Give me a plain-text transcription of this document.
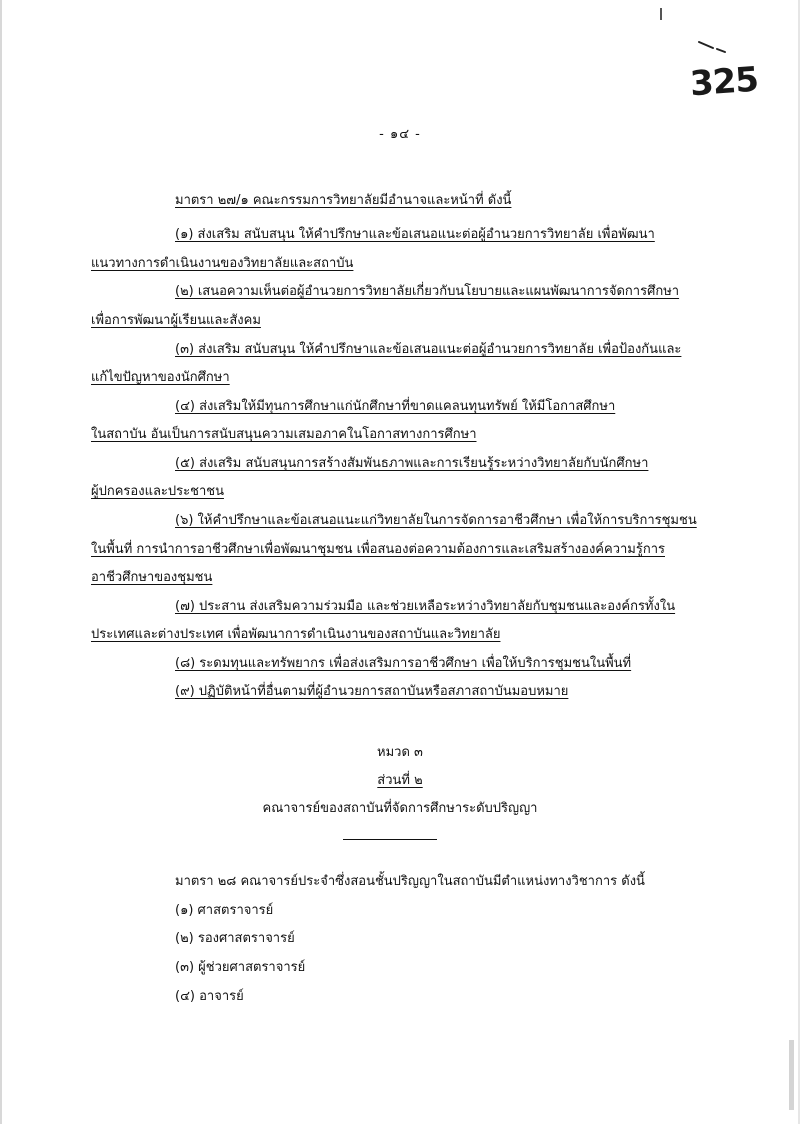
325
- ๑๔ -
มาตรา ๒๗/๑ คณะกรรมการวิทยาลัยมีอำนาจและหน้าที่ ดังนี้
(๑) ส่งเสริม สนับสนุน ให้คำปรึกษาและข้อเสนอแนะต่อผู้อำนวยการวิทยาลัย เพื่อพัฒนา
แนวทางการดำเนินงานของวิทยาลัยและสถาบัน
(๒) เสนอความเห็นต่อผู้อำนวยการวิทยาลัยเกี่ยวกับนโยบายและแผนพัฒนาการจัดการศึกษา
เพื่อการพัฒนาผู้เรียนและสังคม
(๓) ส่งเสริม สนับสนุน ให้คำปรึกษาและข้อเสนอแนะต่อผู้อำนวยการวิทยาลัย เพื่อป้องกันและ
แก้ไขปัญหาของนักศึกษา
(๔) ส่งเสริมให้มีทุนการศึกษาแก่นักศึกษาที่ขาดแคลนทุนทรัพย์ ให้มีโอกาสศึกษา
ในสถาบัน อันเป็นการสนับสนุนความเสมอภาคในโอกาสทางการศึกษา
(๕) ส่งเสริม สนับสนุนการสร้างสัมพันธภาพและการเรียนรู้ระหว่างวิทยาลัยกับนักศึกษา
ผู้ปกครองและประชาชน
(๖) ให้คำปรึกษาและข้อเสนอแนะแก่วิทยาลัยในการจัดการอาชีวศึกษา เพื่อให้การบริการชุมชน
ในพื้นที่ การนำการอาชีวศึกษาเพื่อพัฒนาชุมชน เพื่อสนองต่อความต้องการและเสริมสร้างองค์ความรู้การ
อาชีวศึกษาของชุมชน
(๗) ประสาน ส่งเสริมความร่วมมือ และช่วยเหลือระหว่างวิทยาลัยกับชุมชนและองค์กรทั้งใน
ประเทศและต่างประเทศ เพื่อพัฒนาการดำเนินงานของสถาบันและวิทยาลัย
(๘) ระดมทุนและทรัพยากร เพื่อส่งเสริมการอาชีวศึกษา เพื่อให้บริการชุมชนในพื้นที่
(๙) ปฏิบัติหน้าที่อื่นตามที่ผู้อำนวยการสถาบันหรือสภาสถาบันมอบหมาย
หมวด ๓
ส่วนที่ ๒
คณาจารย์ของสถาบันที่จัดการศึกษาระดับปริญญา
มาตรา ๒๘ คณาจารย์ประจำซึ่งสอนชั้นปริญญาในสถาบันมีตำแหน่งทางวิชาการ ดังนี้
(๑) ศาสตราจารย์
(๒) รองศาสตราจารย์
(๓) ผู้ช่วยศาสตราจารย์
(๔) อาจารย์
